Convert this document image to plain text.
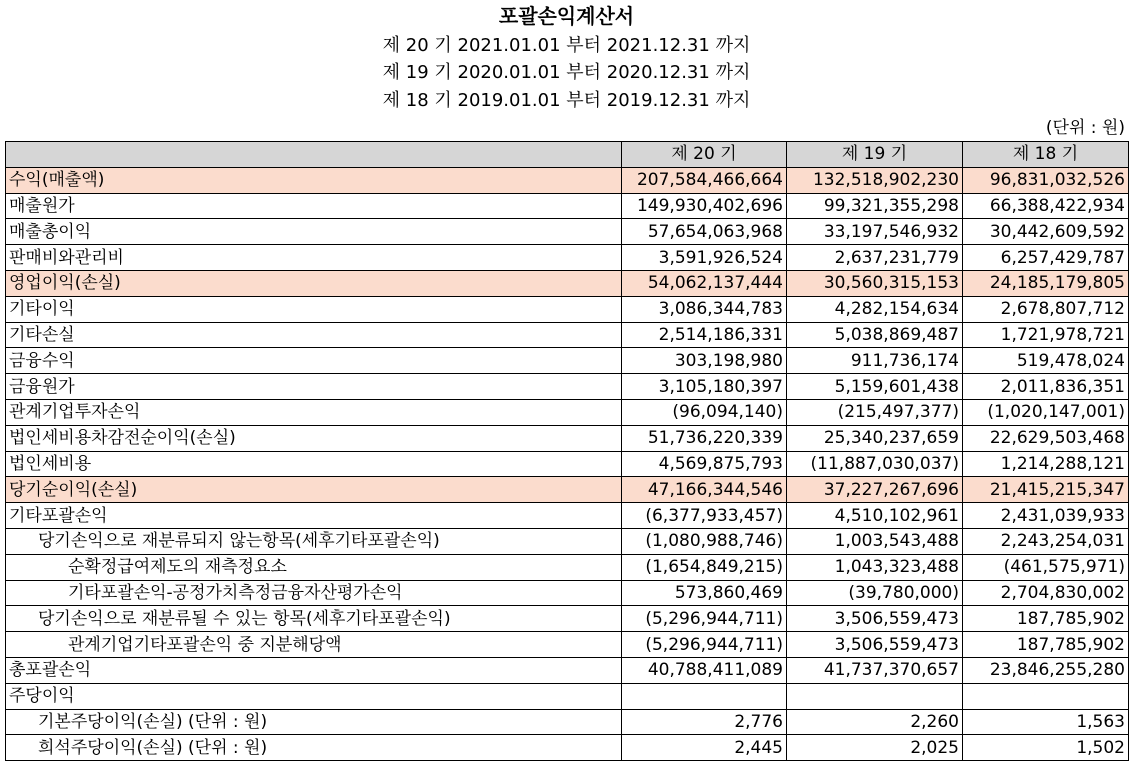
포괄손익계산서
제 20 기 2021.01.01 부터 2021.12.31 까지
제 19 기 2020.01.01 부터 2020.12.31 까지
제 18 기 2019.01.01 부터 2019.12.31 까지
(단위 : 원)
	제 20 기	제 19 기	제 18 기
수익(매출액)	207,584,466,664	132,518,902,230	96,831,032,526
매출원가	149,930,402,696	99,321,355,298	66,388,422,934
매출총이익	57,654,063,968	33,197,546,932	30,442,609,592
판매비와관리비	3,591,926,524	2,637,231,779	6,257,429,787
영업이익(손실)	54,062,137,444	30,560,315,153	24,185,179,805
기타이익	3,086,344,783	4,282,154,634	2,678,807,712
기타손실	2,514,186,331	5,038,869,487	1,721,978,721
금융수익	303,198,980	911,736,174	519,478,024
금융원가	3,105,180,397	5,159,601,438	2,011,836,351
관계기업투자손익	(96,094,140)	(215,497,377)	(1,020,147,001)
법인세비용차감전순이익(손실)	51,736,220,339	25,340,237,659	22,629,503,468
법인세비용	4,569,875,793	(11,887,030,037)	1,214,288,121
당기순이익(손실)	47,166,344,546	37,227,267,696	21,415,215,347
기타포괄손익	(6,377,933,457)	4,510,102,961	2,431,039,933
당기손익으로 재분류되지 않는항목(세후기타포괄손익)	(1,080,988,746)	1,003,543,488	2,243,254,031
순확정급여제도의 재측정요소	(1,654,849,215)	1,043,323,488	(461,575,971)
기타포괄손익-공정가치측정금융자산평가손익	573,860,469	(39,780,000)	2,704,830,002
당기손익으로 재분류될 수 있는 항목(세후기타포괄손익)	(5,296,944,711)	3,506,559,473	187,785,902
관계기업기타포괄손익 중 지분해당액	(5,296,944,711)	3,506,559,473	187,785,902
총포괄손익	40,788,411,089	41,737,370,657	23,846,255,280
주당이익			
기본주당이익(손실) (단위 : 원)	2,776	2,260	1,563
희석주당이익(손실) (단위 : 원)	2,445	2,025	1,502
